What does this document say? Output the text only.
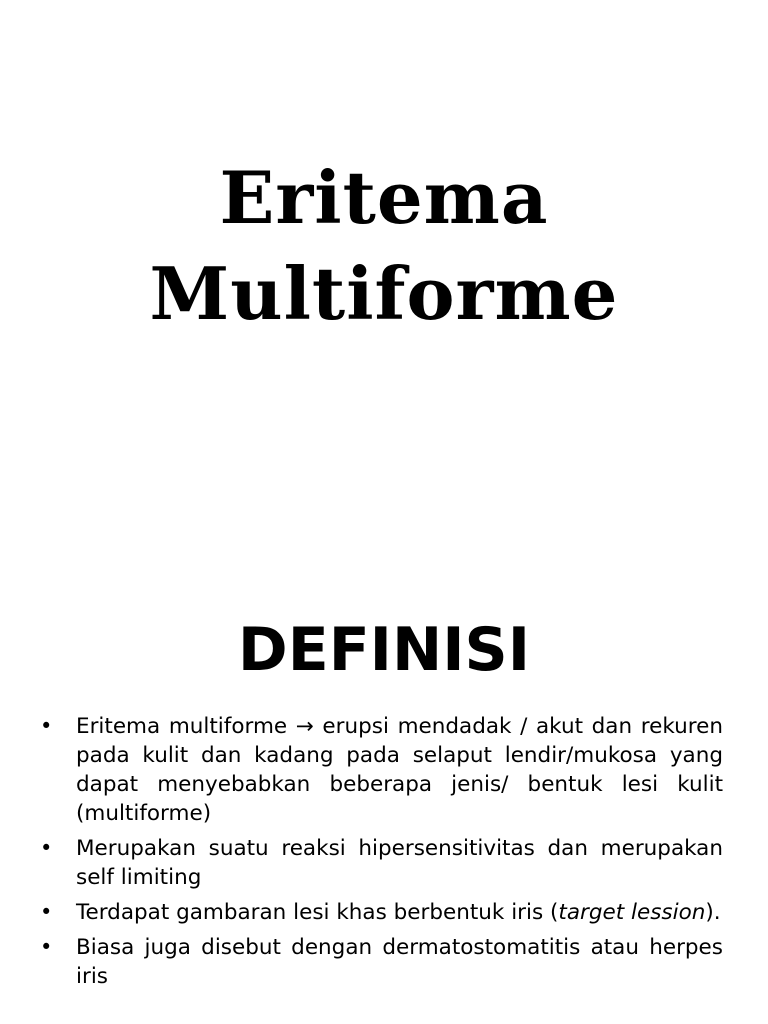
Eritema
Multiforme
DEFINISI
• Eritema multiforme → erupsi mendadak / akut dan rekuren pada kulit dan kadang pada selaput lendir/mukosa yang dapat menyebabkan beberapa jenis/ bentuk lesi kulit (multiforme)
• Merupakan suatu reaksi hipersensitivitas dan merupakan self limiting
• Terdapat gambaran lesi khas berbentuk iris (target lession).
• Biasa juga disebut dengan dermatostomatitis atau herpes iris
